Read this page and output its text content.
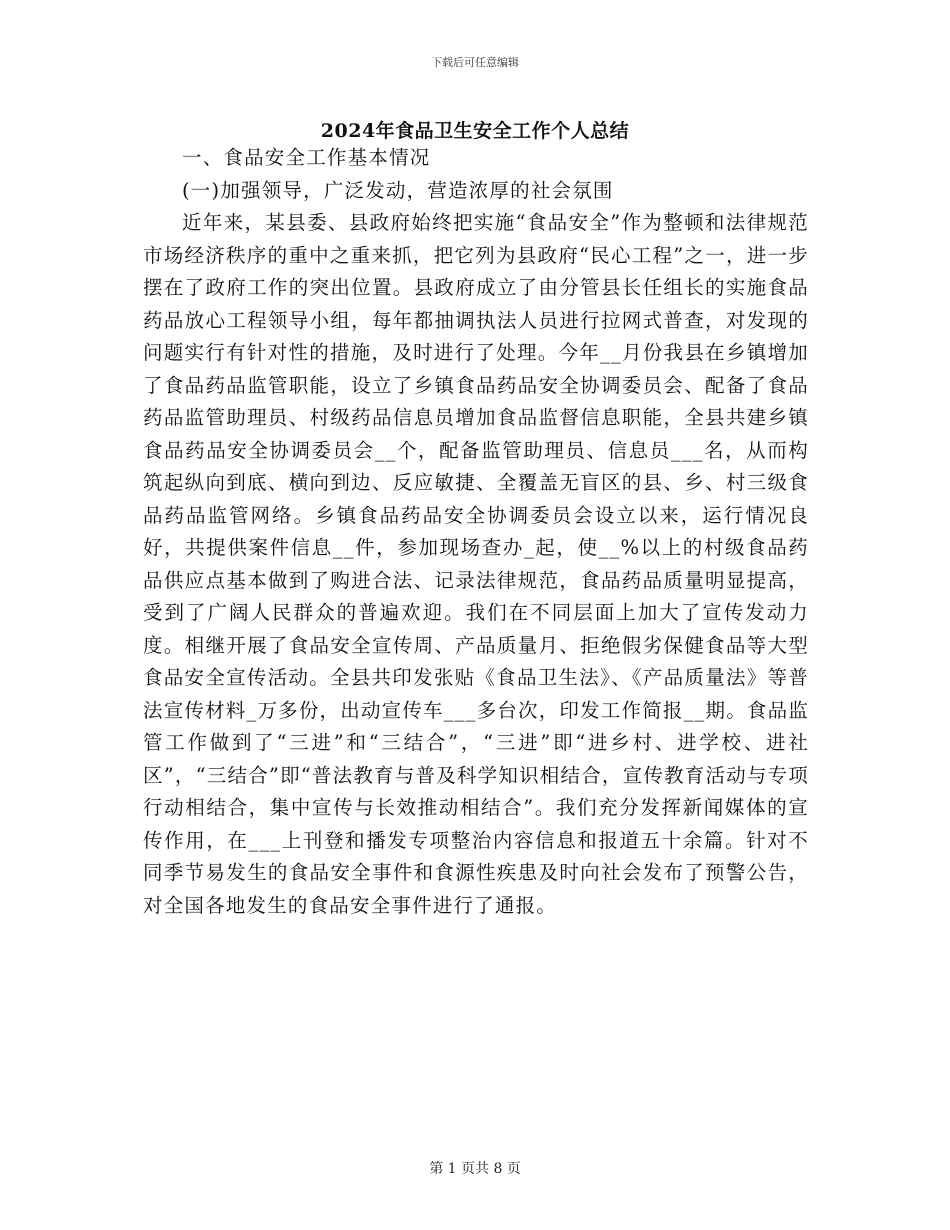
下载后可任意编辑
2024年食品卫生安全工作个人总结

一、食品安全工作基本情况

(一)加强领导，广泛发动，营造浓厚的社会氛围

近年来，某县委、县政府始终把实施“食品安全”作为整顿和法律规范市场经济秩序的重中之重来抓，把它列为县政府“民心工程”之一，进一步摆在了政府工作的突出位置。县政府成立了由分管县长任组长的实施食品药品放心工程领导小组，每年都抽调执法人员进行拉网式普查，对发现的问题实行有针对性的措施，及时进行了处理。今年__月份我县在乡镇增加了食品药品监管职能，设立了乡镇食品药品安全协调委员会、配备了食品药品监管助理员、村级药品信息员增加食品监督信息职能，全县共建乡镇食品药品安全协调委员会__个，配备监管助理员、信息员___名，从而构筑起纵向到底、横向到边、反应敏捷、全覆盖无盲区的县、乡、村三级食品药品监管网络。乡镇食品药品安全协调委员会设立以来，运行情况良好，共提供案件信息__件，参加现场查办_起，使__%以上的村级食品药品供应点基本做到了购进合法、记录法律规范，食品药品质量明显提高，受到了广阔人民群众的普遍欢迎。我们在不同层面上加大了宣传发动力度。相继开展了食品安全宣传周、产品质量月、拒绝假劣保健食品等大型食品安全宣传活动。全县共印发张贴《食品卫生法》、《产品质量法》等普法宣传材料_万多份，出动宣传车___多台次，印发工作简报__期。食品监管工作做到了“三进”和“三结合”，“三进”即“进乡村、进学校、进社区”，“三结合”即“普法教育与普及科学知识相结合，宣传教育活动与专项行动相结合，集中宣传与长效推动相结合”。我们充分发挥新闻媒体的宣传作用，在___上刊登和播发专项整治内容信息和报道五十余篇。针对不同季节易发生的食品安全事件和食源性疾患及时向社会发布了预警公告，对全国各地发生的食品安全事件进行了通报。

第 1 页共 8 页
